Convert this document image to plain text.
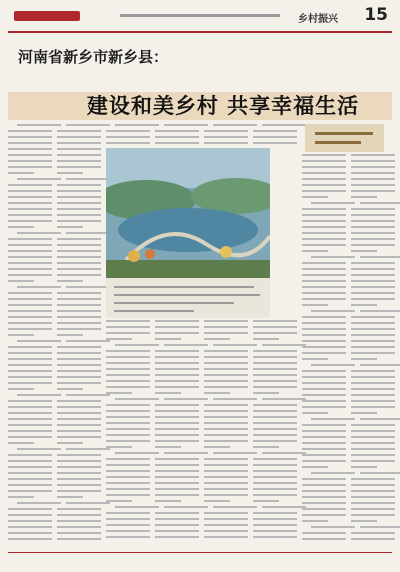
乡村振兴 15
河南省新乡市新乡县：
建设和美乡村 共享幸福生活
